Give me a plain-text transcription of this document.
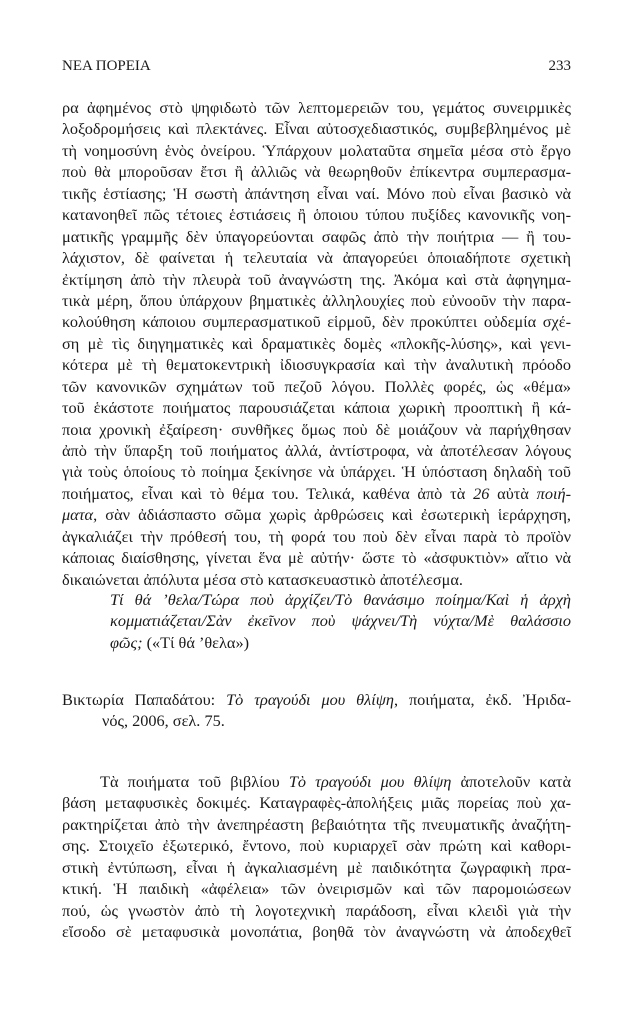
ΝΕΑ ΠΟΡΕΙΑ	233
ρα ἀφημένος στὸ ψηφιδωτὸ τῶν λεπτομερειῶν του, γεμάτος συνειρμικὲς
λοξοδρομήσεις καὶ πλεκτάνες. Εἶναι αὐτοσχεδιαστικός, συμβεβλημένος μὲ
τὴ νοημοσύνη ἑνὸς ὀνείρου. Ὑπάρχουν μολαταῦτα σημεῖα μέσα στὸ ἔργο
ποὺ θὰ μποροῦσαν ἔτσι ἢ ἀλλιῶς νὰ θεωρηθοῦν ἐπίκεντρα συμπερασμα-
τικῆς ἑστίασης; Ἡ σωστὴ ἀπάντηση εἶναι ναί. Μόνο ποὺ εἶναι βασικὸ νὰ
κατανοηθεῖ πῶς τέτοιες ἑστιάσεις ἢ ὁποιου τύπου πυξίδες κανονικῆς νοη-
ματικῆς γραμμῆς δὲν ὑπαγορεύονται σαφῶς ἀπὸ τὴν ποιήτρια — ἢ του-
λάχιστον, δὲ φαίνεται ἡ τελευταία νὰ ἀπαγορεύει ὁποιαδήποτε σχετικὴ
ἐκτίμηση ἀπὸ τὴν πλευρὰ τοῦ ἀναγνώστη της. Ἀκόμα καὶ στὰ ἀφηγημα-
τικὰ μέρη, ὅπου ὑπάρχουν βηματικὲς ἀλληλουχίες ποὺ εὐνοοῦν τὴν παρα-
κολούθηση κάποιου συμπερασματικοῦ εἱρμοῦ, δὲν προκύπτει οὐδεμία σχέ-
ση μὲ τὶς διηγηματικὲς καὶ δραματικὲς δομὲς «πλοκῆς-λύσης», καὶ γενι-
κότερα μὲ τὴ θεματοκεντρικὴ ἰδιοσυγκρασία καὶ τὴν ἀναλυτικὴ πρόοδο
τῶν κανονικῶν σχημάτων τοῦ πεζοῦ λόγου. Πολλὲς φορές, ὡς «θέμα»
τοῦ ἑκάστοτε ποιήματος παρουσιάζεται κάποια χωρικὴ προοπτικὴ ἢ κά-
ποια χρονικὴ ἐξαίρεση· συνθῆκες ὅμως ποὺ δὲ μοιάζουν νὰ παρήχθησαν
ἀπὸ τὴν ὕπαρξη τοῦ ποιήματος ἀλλά, ἀντίστροφα, νὰ ἀποτέλεσαν λόγους
γιὰ τοὺς ὁποίους τὸ ποίημα ξεκίνησε νὰ ὑπάρχει. Ἡ ὑπόσταση δηλαδὴ τοῦ
ποιήματος, εἶναι καὶ τὸ θέμα του. Τελικά, καθένα ἀπὸ τὰ 26 αὐτὰ ποιή-
ματα, σὰν ἀδιάσπαστο σῶμα χωρὶς ἀρθρώσεις καὶ ἐσωτερικὴ ἱεράρχηση,
ἀγκαλιάζει τὴν πρόθεσή του, τὴ φορά του ποὺ δὲν εἶναι παρὰ τὸ προϊὸν
κάποιας διαίσθησης, γίνεται ἕνα μὲ αὐτήν· ὥστε τὸ «ἀσφυκτιὸν» αἴτιο νὰ
δικαιώνεται ἀπόλυτα μέσα στὸ κατασκευαστικὸ ἀποτέλεσμα.
Τί θά ’θελα/Τώρα ποὺ ἀρχίζει/Τὸ θανάσιμο ποίημα/Καὶ ἡ ἀρχὴ
κομματιάζεται/Σὰν ἐκεῖνον ποὺ ψάχνει/Τὴ νύχτα/Μὲ θαλάσσιο
φῶς; («Τί θά ’θελα»)
Βικτωρία Παπαδάτου: Τὸ τραγούδι μου θλίψη, ποιήματα, ἐκδ. Ἠριδα-
νός, 2006, σελ. 75.
Τὰ ποιήματα τοῦ βιβλίου Τὸ τραγούδι μου θλίψη ἀποτελοῦν κατὰ
βάση μεταφυσικὲς δοκιμές. Καταγραφὲς-ἀπολήξεις μιᾶς πορείας ποὺ χα-
ρακτηρίζεται ἀπὸ τὴν ἀνεπηρέαστη βεβαιότητα τῆς πνευματικῆς ἀναζήτη-
σης. Στοιχεῖο ἐξωτερικό, ἔντονο, ποὺ κυριαρχεῖ σὰν πρώτη καὶ καθορι-
στικὴ ἐντύπωση, εἶναι ἡ ἀγκαλιασμένη μὲ παιδικότητα ζωγραφικὴ πρα-
κτική. Ἡ παιδικὴ «ἀφέλεια» τῶν ὀνειρισμῶν καὶ τῶν παρομοιώσεων
πού, ὡς γνωστὸν ἀπὸ τὴ λογοτεχνικὴ παράδοση, εἶναι κλειδὶ γιὰ τὴν
εἴσοδο σὲ μεταφυσικὰ μονοπάτια, βοηθᾶ τὸν ἀναγνώστη νὰ ἀποδεχθεῖ
